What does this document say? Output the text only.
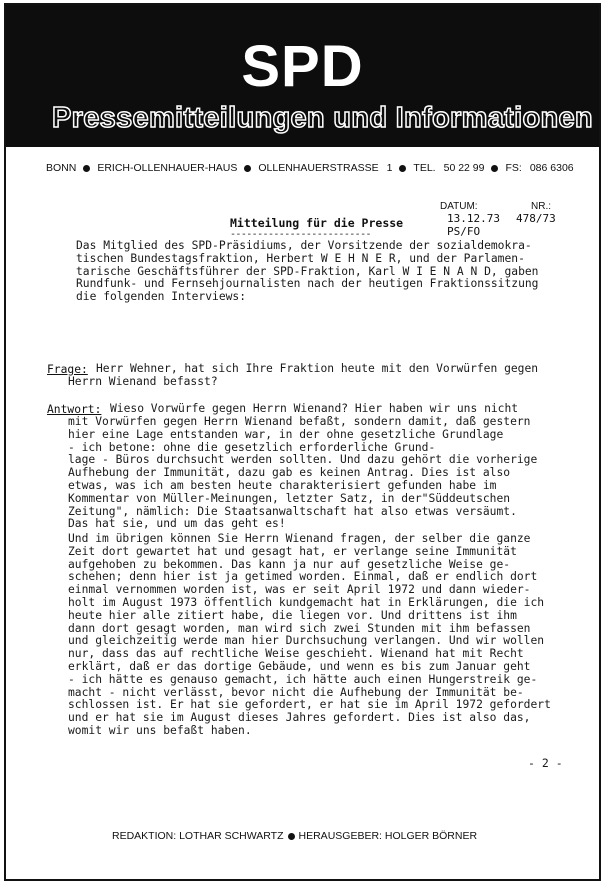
SPD
Pressemitteilungen und Informationen
BONN ERICH-OLLENHAUER-HAUS OLLENHAUERSTRASSE 1 TEL. 50 22 99 FS: 086 6306
DATUM:	NR.:
13.12.73 478/73
PS/FO
Mitteilung für die Presse
--------------------------

Das Mitglied des SPD-Präsidiums, der Vorsitzende der sozialdemokra-

tischen Bundestagsfraktion, Herbert W E H N E R, und der Parlamen-

tarische Geschäftsführer der SPD-Fraktion, Karl W I E N A N D, gaben

Rundfunk- und Fernsehjournalisten nach der heutigen Fraktionssitzung

die folgenden Interviews:

Frage: Herr Wehner, hat sich Ihre Fraktion heute mit den Vorwürfen gegen

Herrn Wienand befasst?

Antwort: Wieso Vorwürfe gegen Herrn Wienand? Hier haben wir uns nicht

mit Vorwürfen gegen Herrn Wienand befaßt, sondern damit, daß gestern

hier eine Lage entstanden war, in der ohne gesetzliche Grundlage

- ich betone: ohne die gesetzlich erforderliche Grund-

lage - Büros durchsucht werden sollten. Und dazu gehört die vorherige

Aufhebung der Immunität, dazu gab es keinen Antrag. Dies ist also

etwas, was ich am besten heute charakterisiert gefunden habe im

Kommentar von Müller-Meinungen, letzter Satz, in der"Süddeutschen

Zeitung", nämlich: Die Staatsanwaltschaft hat also etwas versäumt.

Das hat sie, und um das geht es!

Und im übrigen können Sie Herrn Wienand fragen, der selber die ganze

Zeit dort gewartet hat und gesagt hat, er verlange seine Immunität

aufgehoben zu bekommen. Das kann ja nur auf gesetzliche Weise ge-

schehen; denn hier ist ja getimed worden. Einmal, daß er endlich dort

einmal vernommen worden ist, was er seit April 1972 und dann wieder-

holt im August 1973 öffentlich kundgemacht hat in Erklärungen, die ich

heute hier alle zitiert habe, die liegen vor. Und drittens ist ihm

dann dort gesagt worden, man wird sich zwei Stunden mit ihm befassen

und gleichzeitig werde man hier Durchsuchung verlangen. Und wir wollen

nur, dass das auf rechtliche Weise geschieht. Wienand hat mit Recht

erklärt, daß er das dortige Gebäude, und wenn es bis zum Januar geht

- ich hätte es genauso gemacht, ich hätte auch einen Hungerstreik ge-

macht - nicht verlässt, bevor nicht die Aufhebung der Immunität be-

schlossen ist. Er hat sie gefordert, er hat sie im April 1972 gefordert

und er hat sie im August dieses Jahres gefordert. Dies ist also das,

womit wir uns befaßt haben.

- 2 -
REDAKTION: LOTHAR SCHWARTZ HERAUSGEBER: HOLGER BÖRNER
